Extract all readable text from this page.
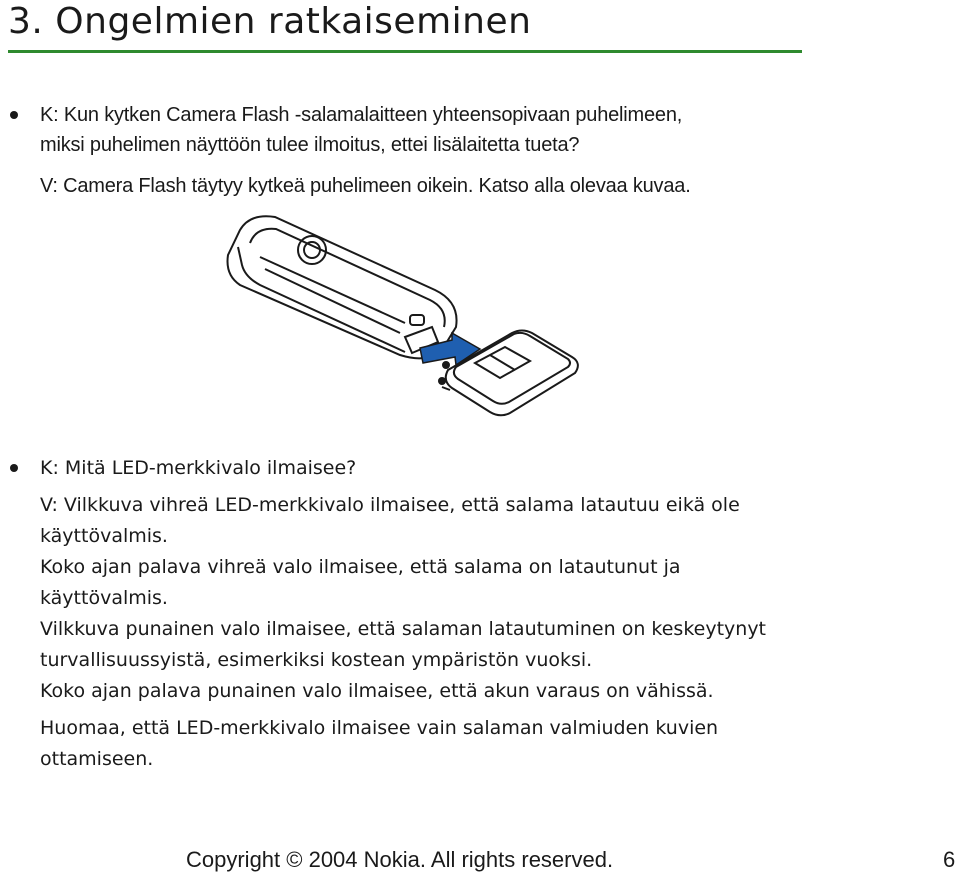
3. Ongelmien ratkaiseminen
K: Kun kytken Camera Flash -salamalaitteen yhteensopivaan puhelimeen,
miksi puhelimen näyttöön tulee ilmoitus, ettei lisälaitetta tueta?
V: Camera Flash täytyy kytkeä puhelimeen oikein. Katso alla olevaa kuvaa.
K: Mitä LED-merkkivalo ilmaisee?
V: Vilkkuva vihreä LED-merkkivalo ilmaisee, että salama latautuu eikä ole
käyttövalmis.
Koko ajan palava vihreä valo ilmaisee, että salama on latautunut ja
käyttövalmis.
Vilkkuva punainen valo ilmaisee, että salaman latautuminen on keskeytynyt
turvallisuussyistä, esimerkiksi kostean ympäristön vuoksi.
Koko ajan palava punainen valo ilmaisee, että akun varaus on vähissä.
Huomaa, että LED-merkkivalo ilmaisee vain salaman valmiuden kuvien
ottamiseen.
Copyright © 2004 Nokia. All rights reserved.	6
